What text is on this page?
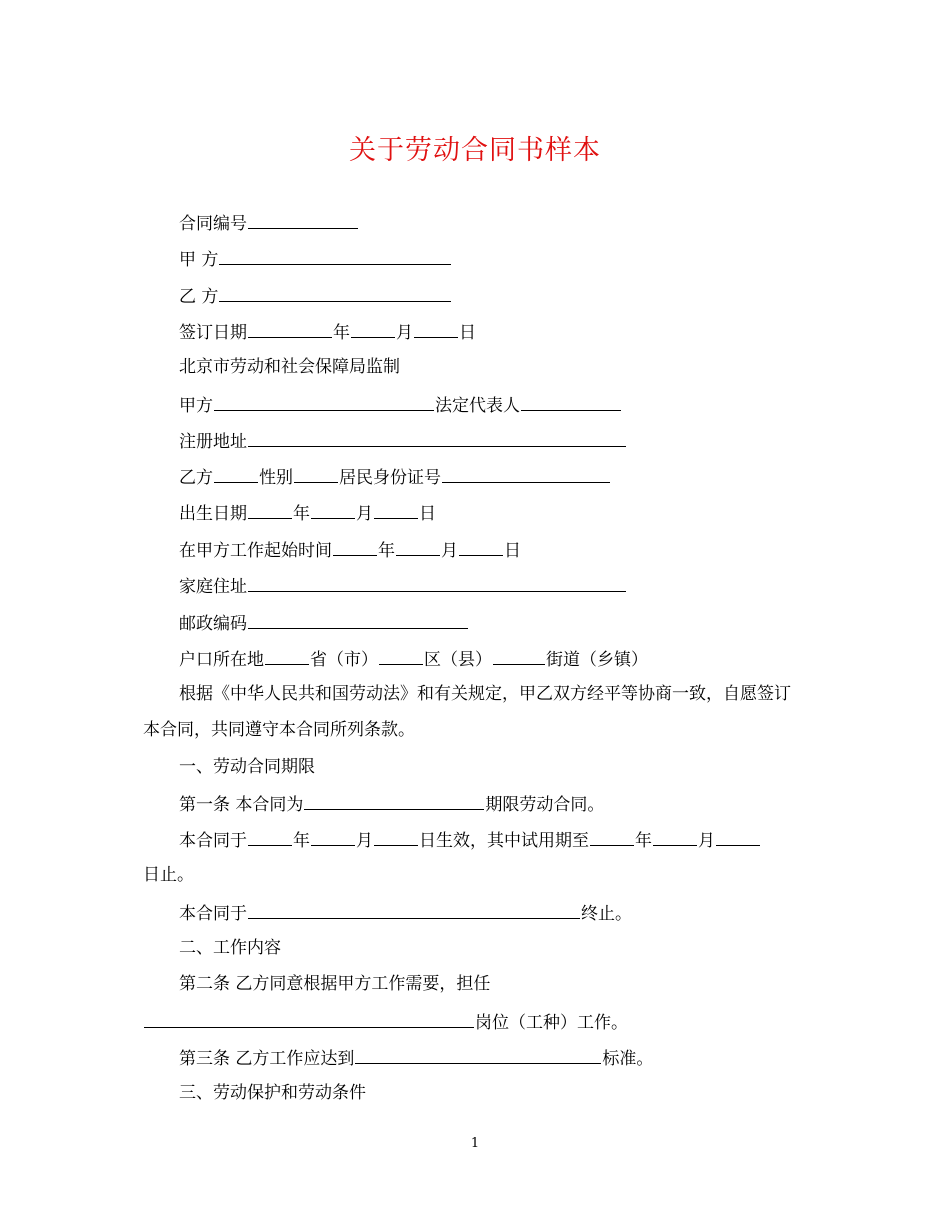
关于劳动合同书样本
合同编号
甲 方
乙 方
签订日期	年	月	日
北京市劳动和社会保障局监制
甲方	法定代表人
注册地址
乙方	性别	居民身份证号
出生日期	年	月	日
在甲方工作起始时间	年	月	日
家庭住址
邮政编码
户口所在地	省（市）	区（县）	街道（乡镇）
根据《中华人民共和国劳动法》和有关规定，甲乙双方经平等协商一致，自愿签订本合同，共同遵守本合同所列条款。
一、劳动合同期限
第一条 本合同为	期限劳动合同。
本合同于	年	月	日生效，其中试用期至	年	月
日止。
本合同于	终止。
二、工作内容
第二条 乙方同意根据甲方工作需要，担任
岗位（工种）工作。
第三条 乙方工作应达到	标准。
三、劳动保护和劳动条件
1
